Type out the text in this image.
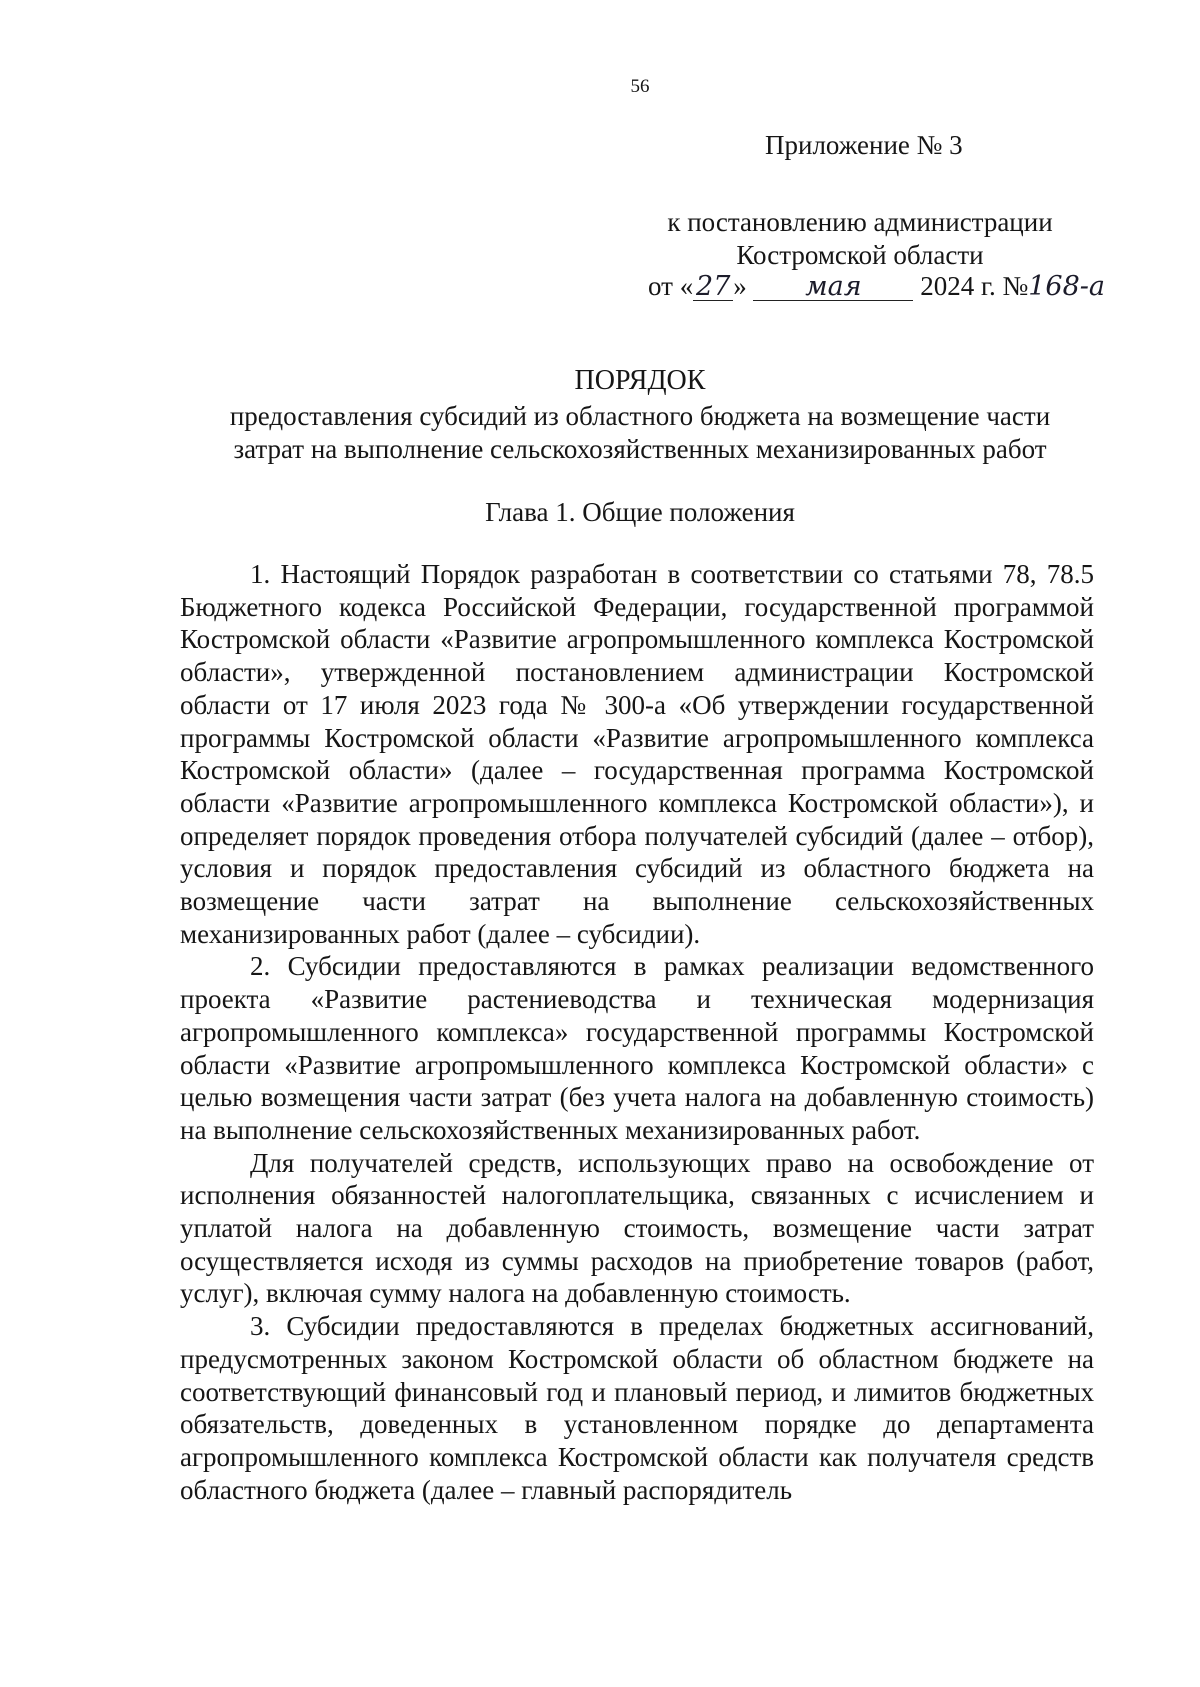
56
Приложение № 3
к постановлению администрации
Костромской области
от « 27 » мая 2024 г. №168-а
ПОРЯДОК
предоставления субсидий из областного бюджета на возмещение части
затрат на выполнение сельскохозяйственных механизированных работ
Глава 1. Общие положения

1. Настоящий Порядок разработан в соответствии со статьями 78, 78.5 Бюджетного кодекса Российской Федерации, государственной программой Костромской области «Развитие агропромышленного комплекса Костромской области», утвержденной постановлением администрации Костромской области от 17 июля 2023 года № 300-а «Об утверждении государственной программы Костромской области «Развитие агропромышленного комплекса Костромской области» (далее – государственная программа Костромской области «Развитие агропромышленного комплекса Костромской области»), и определяет порядок проведения отбора получателей субсидий (далее – отбор), условия и порядок предоставления субсидий из областного бюджета на возмещение части затрат на выполнение сельскохозяйственных механизированных работ (далее – субсидии).

2. Субсидии предоставляются в рамках реализации ведомственного проекта «Развитие растениеводства и техническая модернизация агропромышленного комплекса» государственной программы Костромской области «Развитие агропромышленного комплекса Костромской области» с целью возмещения части затрат (без учета налога на добавленную стоимость) на выполнение сельскохозяйственных механизированных работ.

Для получателей средств, использующих право на освобождение от исполнения обязанностей налогоплательщика, связанных с исчислением и уплатой налога на добавленную стоимость, возмещение части затрат осуществляется исходя из суммы расходов на приобретение товаров (работ, услуг), включая сумму налога на добавленную стоимость.

3. Субсидии предоставляются в пределах бюджетных ассигнований, предусмотренных законом Костромской области об областном бюджете на соответствующий финансовый год и плановый период, и лимитов бюджетных обязательств, доведенных в установленном порядке до департамента агропромышленного комплекса Костромской области как получателя средств областного бюджета (далее – главный распорядитель
